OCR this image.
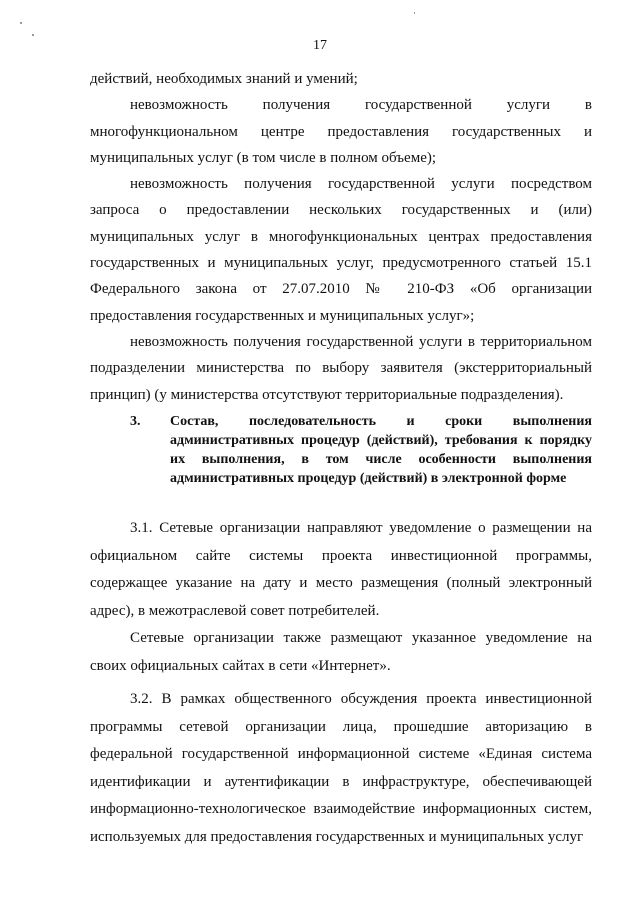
17

действий, необходимых знаний и умений;

невозможность получения государственной услуги в многофункциональном центре предоставления государственных и муниципальных услуг (в том числе в полном объеме);

невозможность получения государственной услуги посредством запроса о предоставлении нескольких государственных и (или) муниципальных услуг в многофункциональных центрах предоставления государственных и муниципальных услуг, предусмотренного статьей 15.1 Федерального закона от 27.07.2010 № 210-ФЗ «Об организации предоставления государственных и муниципальных услуг»;

невозможность получения государственной услуги в территориальном подразделении министерства по выбору заявителя (экстерриториальный принцип) (у министерства отсутствуют территориальные подразделения).

3. Состав, последовательность и сроки выполнения административных процедур (действий), требования к порядку их выполнения, в том числе особенности выполнения административных процедур (действий) в электронной форме

3.1. Сетевые организации направляют уведомление о размещении на официальном сайте системы проекта инвестиционной программы, содержащее указание на дату и место размещения (полный электронный адрес), в межотраслевой совет потребителей.

Сетевые организации также размещают указанное уведомление на своих официальных сайтах в сети «Интернет».

3.2. В рамках общественного обсуждения проекта инвестиционной программы сетевой организации лица, прошедшие авторизацию в федеральной государственной информационной системе «Единая система идентификации и аутентификации в инфраструктуре, обеспечивающей информационно-технологическое взаимодействие информационных систем, используемых для предоставления государственных и муниципальных услуг
